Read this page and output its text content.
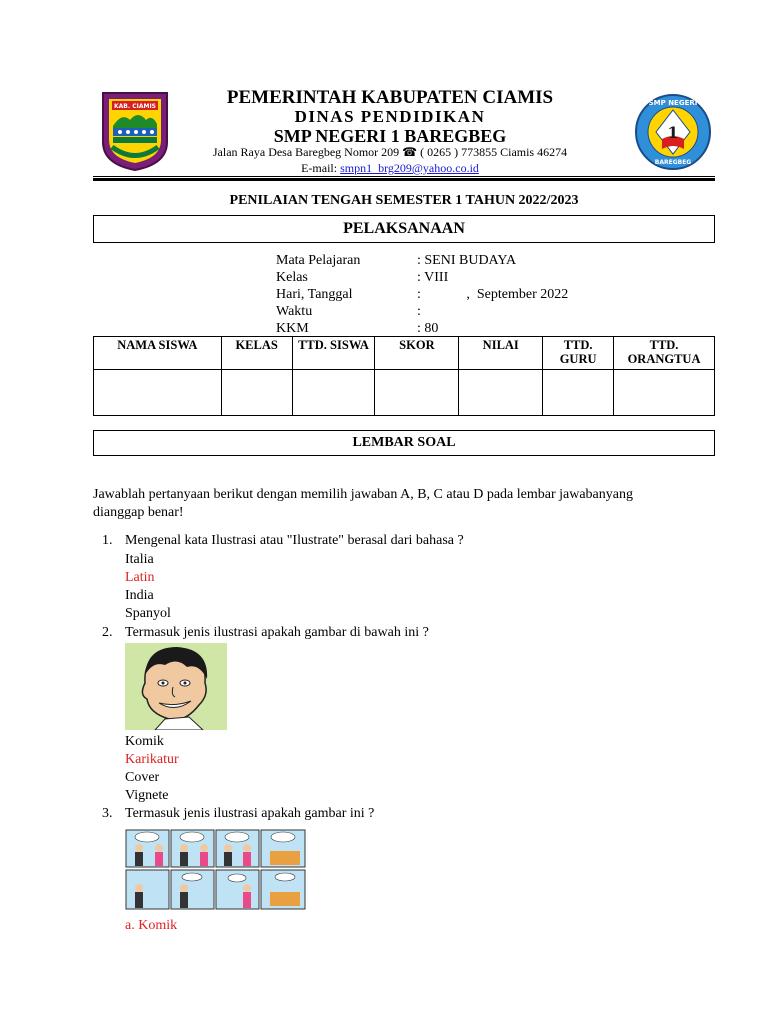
KAB. CIAMIS
1
SMP NEGERI
BAREGBEG
PEMERINTAH KABUPATEN CIAMIS
DINAS PENDIDIKAN
SMP NEGERI 1 BAREGBEG
Jalan Raya Desa Baregbeg Nomor 209 ☎ ( 0265 ) 773855 Ciamis 46274
E-mail: smpn1_brg209@yahoo.co.id
PENILAIAN TENGAH SEMESTER 1 TAHUN 2022/2023
PELAKSANAAN
Mata Pelajaran	: SENI BUDAYA
Kelas	: VIII
Hari, Tanggal	:             ,  September 2022
Waktu	:
KKM	: 80
NAMA SISWA	KELAS	TTD. SISWA	SKOR	NILAI	TTD. GURU	TTD. ORANGTUA

LEMBAR SOAL
Jawablah pertanyaan berikut dengan memilih jawaban A, B, C atau D pada lembar jawabanyang dianggap benar!
1. Mengenal kata Ilustrasi atau "Ilustrate" berasal dari bahasa ?
Italia
Latin
India
Spanyol
2. Termasuk jenis ilustrasi apakah gambar di bawah ini ?
Komik
Karikatur
Cover
Vignete
3. Termasuk jenis ilustrasi apakah gambar ini ?
a. Komik
